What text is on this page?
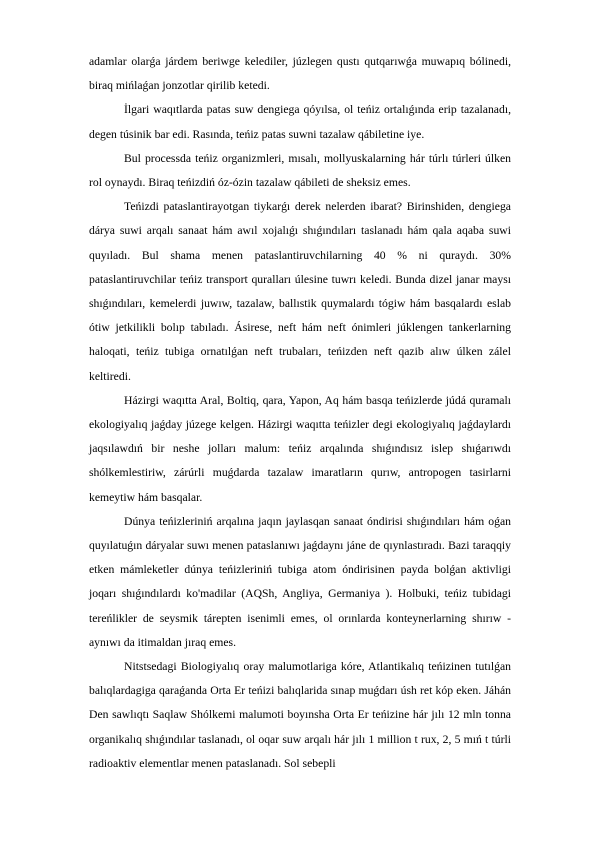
adamlar olarǵa járdem beriwge kelediler, júzlegen qustı qutqarıwǵa muwapıq bólinedi, biraq mińlaǵan jonzotlar qirilib ketedi.

İlgari waqıtlarda patas suw dengiega qóyılsa, ol teńiz ortalıǵında erip tazalanadı, degen túsinik bar edi. Rasında, teńiz patas suwni tazalaw qábiletine iye.

Bul processda teńiz organizmleri, mısalı, mollyuskalarning hár túrlı túrleri úlken rol oynaydı. Biraq teńizdiń óz-ózin tazalaw qábileti de sheksiz emes.

Teńizdi pataslantirayotgan tiykarǵı derek nelerden ibarat? Birinshiden, dengiega dárya suwi arqalı sanaat hám awıl xojalıǵı shıǵındıları taslanadı hám qala aqaba suwi quyıladı. Bul shama menen pataslantiruvchilarning 40 % ni quraydı. 30% pataslantiruvchilar teńiz transport quralları úlesine tuwrı keledi. Bunda dizel janar maysı shıǵındıları, kemelerdi juwıw, tazalaw, ballıstik quymalardı tógiw hám basqalardı eslab ótiw jetkilikli bolıp tabıladı. Ásirese, neft hám neft ónimleri júklengen tankerlarning haloqati, teńiz tubiga ornatılǵan neft trubaları, teńizden neft qazib alıw úlken zálel keltiredi.

Házirgi waqıtta Aral, Boltiq, qara, Yapon, Aq hám basqa teńizlerde júdá quramalı ekologiyalıq jaǵday júzege kelgen. Házirgi waqıtta teńizler degi ekologiyalıq jaǵdaylardı jaqsılawdıń bir neshe jolları malum: teńiz arqalında shıǵındısız islep shıǵarıwdı shólkemlestiriw, zárúrli muǵdarda tazalaw imaratların qurıw, antropogen tasirlarni kemeytiw hám basqalar.

Dúnya teńizleriniń arqalına jaqın jaylasqan sanaat óndirisi shıǵındıları hám oǵan quyılatuǵın dáryalar suwı menen pataslanıwı jaǵdaynı jáne de qıynlastıradı. Bazi taraqqiy etken mámleketler dúnya teńizleriniń tubiga atom óndirisinen payda bolǵan aktivligi joqarı shıǵındılardı ko'madilar (AQSh, Angliya, Germaniya ). Holbuki, teńiz tubidagi tereńlikler de seysmik tárepten isenimli emes, ol orınlarda konteynerlarning shırıw -aynıwı da itimaldan jıraq emes.

Nitstsedagi Biologiyalıq oray malumotlariga kóre, Atlantikalıq teńizinen tutılǵan balıqlardagiga qaraǵanda Orta Er teńizi balıqlarida sınap muǵdarı úsh ret kóp eken. Jáhán Den sawlıqtı Saqlaw Shólkemi malumoti boyınsha Orta Er teńizine hár jılı 12 mln tonna organikalıq shıǵındılar taslanadı, ol oqar suw arqalı hár jılı 1 million t rux, 2, 5 mıń t túrli radioaktiv elementlar menen pataslanadı. Sol sebepli
